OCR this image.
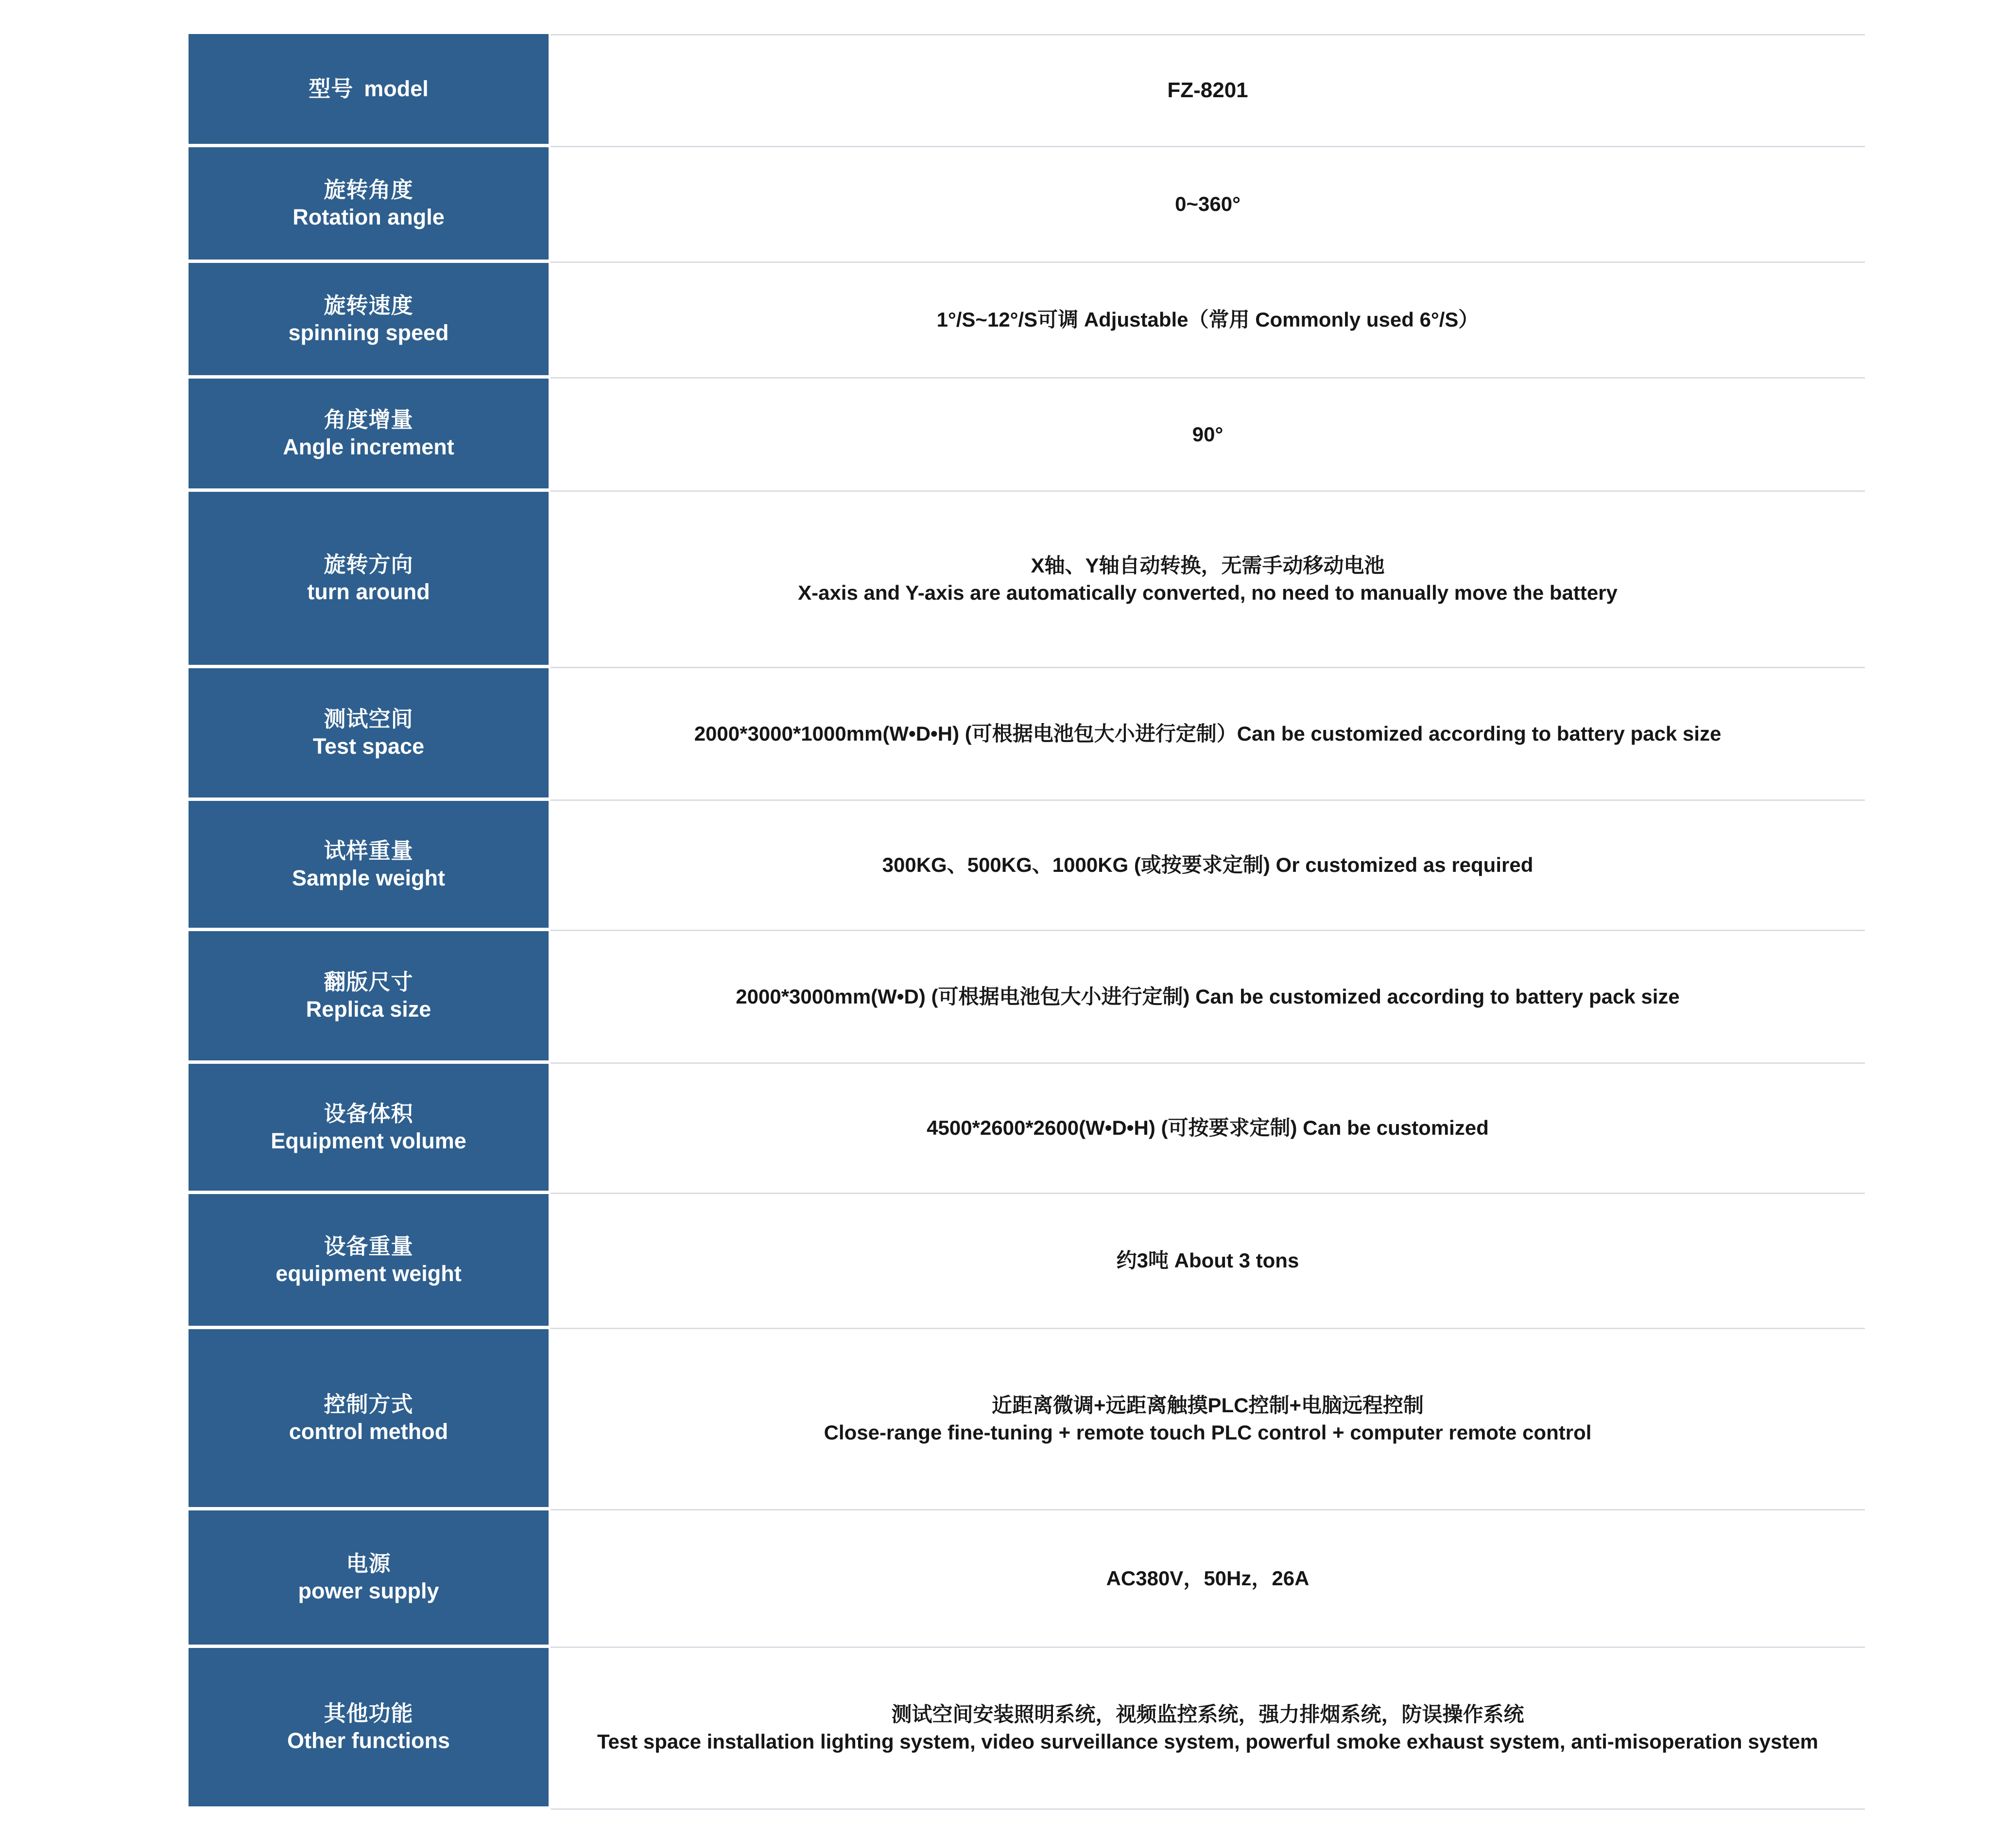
型号 model	FZ-8201

旋转角度
Rotation angle	0~360°

旋转速度
spinning speed	1°/S~12°/S可调 Adjustable（常用 Commonly used 6°/S）

角度增量
Angle increment	90°

旋转方向
turn around	X轴、Y轴自动转换，无需手动移动电池
X-axis and Y-axis are automatically converted, no need to manually move the battery

测试空间
Test space	2000*3000*1000mm(W•D•H) (可根据电池包大小进行定制）Can be customized according to battery pack size

试样重量
Sample weight	300KG、500KG、1000KG (或按要求定制) Or customized as required

翻版尺寸
Replica size	2000*3000mm(W•D) (可根据电池包大小进行定制) Can be customized according to battery pack size

设备体积
Equipment volume	4500*2600*2600(W•D•H) (可按要求定制) Can be customized

设备重量
equipment weight	约3吨 About 3 tons

控制方式
control method	近距离微调+远距离触摸PLC控制+电脑远程控制
Close-range fine-tuning + remote touch PLC control + computer remote control

电源
power supply	AC380V，50Hz，26A

其他功能
Other functions	测试空间安装照明系统，视频监控系统，强力排烟系统，防误操作系统
Test space installation lighting system, video surveillance system, powerful smoke exhaust system, anti-misoperation system
